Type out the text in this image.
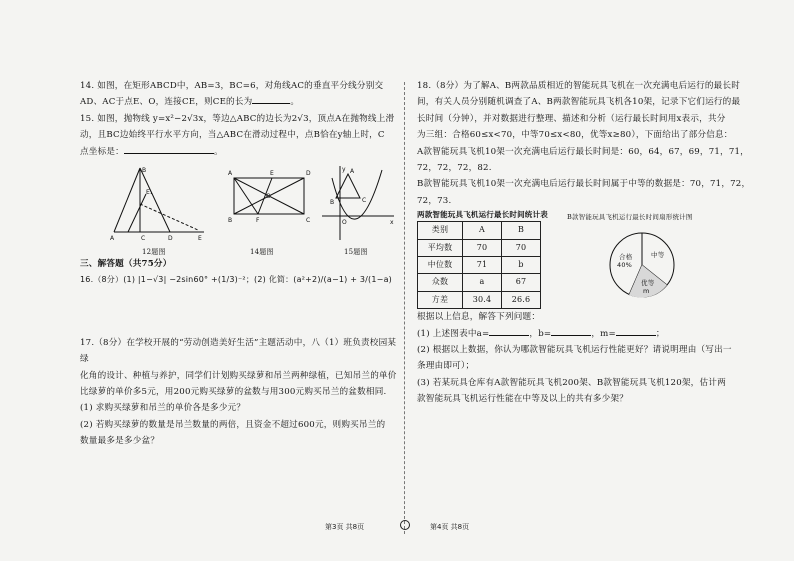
14. 如图，在矩形ABCD中，AB=3，BC=6，对角线AC的垂直平分线分别交AD、AC于点E、O，连接CE，则CE的长为	。

15. 如图，抛物线 y=x²−2√3x，等边△ABC的边长为2√3，顶点A在抛物线上滑

动，且BC边始终平行水平方向，当△ABC在滑动过程中，点B恰在y轴上时，C

点坐标是：	。

B
A	C	D	E
E₁
12题图
A	E	D
B	F	C
O
14题图
A
B	C
O	x
y
15题图

三、解答题（共75分）

16.（8分）(1) |1−√3| −2sin60° +(1/3)⁻²；(2) 化简：(a²+2)/(a−1) + 3/(1−a)

17.（8分）在学校开展的“劳动创造美好生活”主题活动中，八（1）班负责校园某绿

化角的设计、种植与养护，同学们计划购买绿萝和吊兰两种绿植，已知吊兰的单价

比绿萝的单价多5元，用200元购买绿萝的盆数与用300元购买吊兰的盆数相同.

(1) 求购买绿萝和吊兰的单价各是多少元？

(2) 若购买绿萝的数量是吊兰数量的两倍，且资金不超过600元，则购买吊兰的

数量最多是多少盆？

18.（8分）为了解A、B两款品质相近的智能玩具飞机在一次充满电后运行的最长时

间，有关人员分别随机调查了A、B两款智能玩具飞机各10架，记录下它们运行的最

长时间（分钟），并对数据进行整理、描述和分析（运行最长时间用x表示，共分

为三组：合格60≤x<70，中等70≤x<80，优等x≥80），下面给出了部分信息：

A款智能玩具飞机10架一次充满电后运行最长时间是：60，64，67，69，71，71，

72，72，72，82.

B款智能玩具飞机10架一次充满电后运行最长时间属于中等的数据是：70，71，72，

72，73.

两款智能玩具飞机运行最长时间统计表
类别	A	B
平均数	70	70
中位数	71	b
众数	a	67
方差	30.4	26.6
B款智能玩具飞机运行最长时间扇形统计图
合格
40%
中等
优等
m

根据以上信息，解答下列问题：

(1) 上述图表中a=	，b=	，m=	；

(2) 根据以上数据，你认为哪款智能玩具飞机运行性能更好？请说明理由（写出一

条理由即可）；

(3) 若某玩具仓库有A款智能玩具飞机200架、B款智能玩具飞机120架，估计两

款智能玩具飞机运行性能在中等及以上的共有多少架？

第3页 共8页	第4页 共8页
